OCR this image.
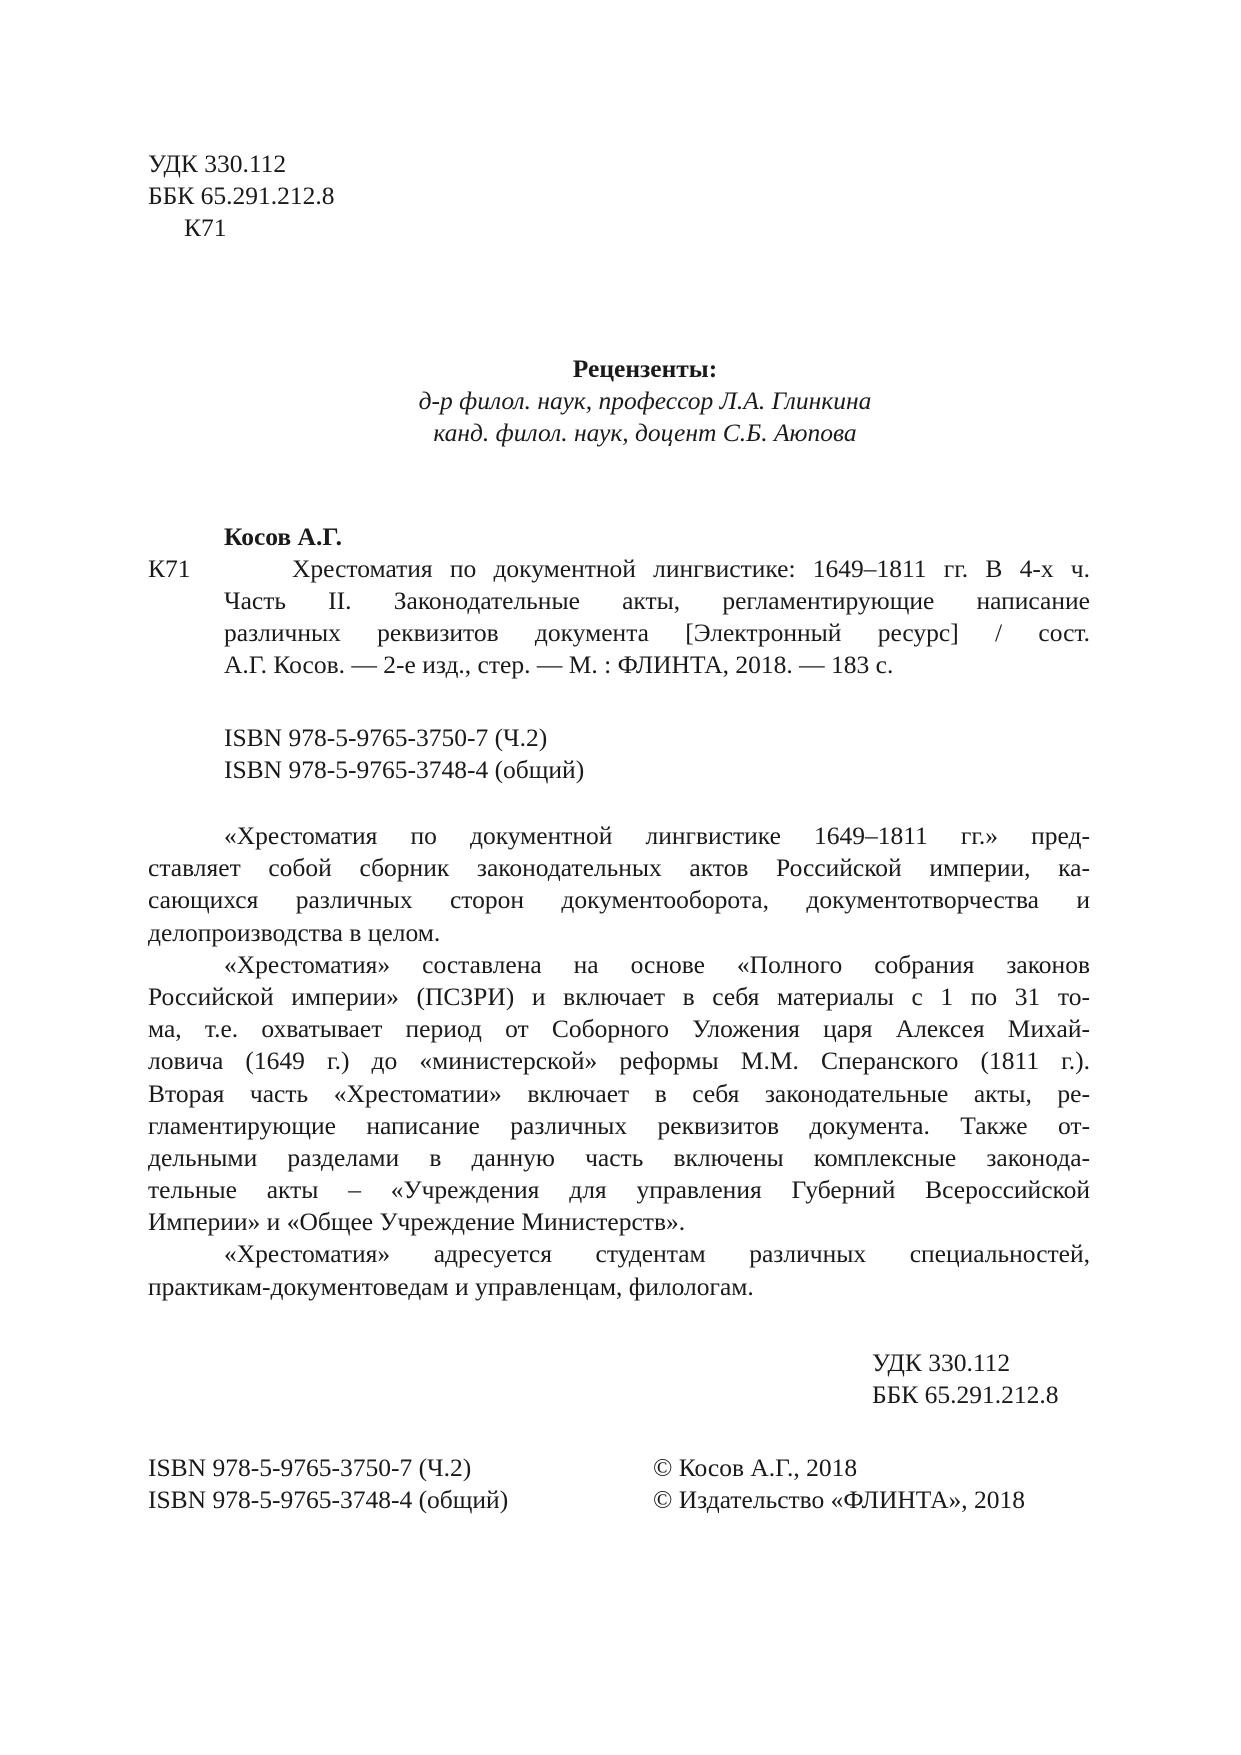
УДК 330.112
ББК 65.291.212.8
К71
Рецензенты:
д-р филол. наук, профессор Л.А. Глинкина
канд. филол. наук, доцент С.Б. Аюпова
Косов А.Г.
К71	Хрестоматия по документной лингвистике: 1649–1811 гг. В 4-х ч.
Часть II. Законодательные акты, регламентирующие написание
различных реквизитов документа [Электронный ресурс] / сост.
А.Г. Косов. — 2-е изд., стер. — М. : ФЛИНТА, 2018. — 183 с.
ISBN 978-5-9765-3750-7 (Ч.2)
ISBN 978-5-9765-3748-4 (общий)
«Хрестоматия по документной лингвистике 1649–1811 гг.» пред-
ставляет собой сборник законодательных актов Российской империи, ка-
сающихся различных сторон документооборота, документотворчества и
делопроизводства в целом.
«Хрестоматия» составлена на основе «Полного собрания законов
Российской империи» (ПСЗРИ) и включает в себя материалы с 1 по 31 то-
ма, т.е. охватывает период от Соборного Уложения царя Алексея Михай-
ловича (1649 г.) до «министерской» реформы М.М. Сперанского (1811 г.).
Вторая часть «Хрестоматии» включает в себя законодательные акты, ре-
гламентирующие написание различных реквизитов документа. Также от-
дельными разделами в данную часть включены комплексные законода-
тельные акты – «Учреждения для управления Губерний Всероссийской
Империи» и «Общее Учреждение Министерств».
«Хрестоматия» адресуется студентам различных специальностей,
практикам-документоведам и управленцам, филологам.
УДК 330.112
ББК 65.291.212.8
ISBN 978-5-9765-3750-7 (Ч.2)
ISBN 978-5-9765-3748-4 (общий)
© Косов А.Г., 2018
© Издательство «ФЛИНТА», 2018
